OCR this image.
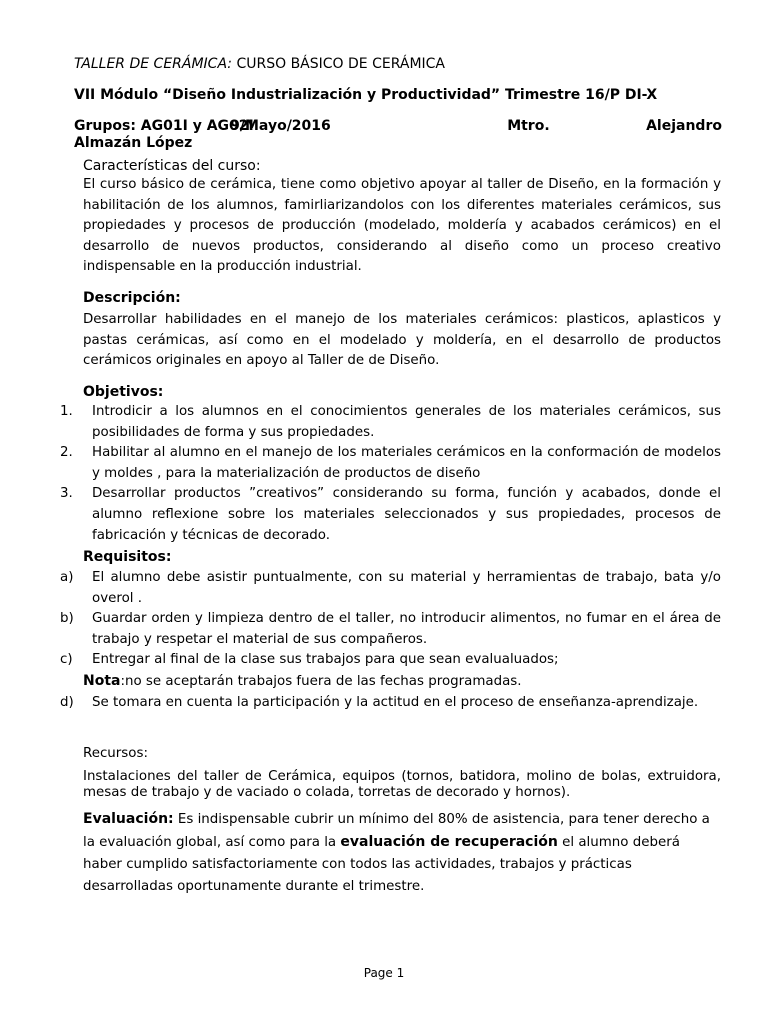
TALLER DE CERÁMICA: CURSO BÁSICO DE CERÁMICA
VII Módulo “Diseño Industrialización y Productividad” Trimestre 16/P DI-X
Grupos: AG01I y AG02I
9/Mayo/2016	Mtro.	Alejandro
Almazán López
Características del curso:
El curso básico de cerámica, tiene como objetivo apoyar al taller de Diseño, en la formación y habilitación de los alumnos, famirliarizandolos con los diferentes materiales cerámicos, sus propiedades y procesos de producción (modelado, moldería y acabados cerámicos) en el desarrollo de nuevos productos, considerando al diseño como un proceso creativo indispensable en la producción industrial.
Descripción:
Desarrollar habilidades en el manejo de los materiales cerámicos: plasticos, aplasticos y pastas cerámicas, así como en el modelado y moldería, en el desarrollo de productos cerámicos originales en apoyo al Taller de de Diseño.
Objetivos:
1.	Introdicir a los alumnos en el conocimientos generales de los materiales cerámicos, sus posibilidades de forma y sus propiedades.
2.	Habilitar al alumno en el manejo de los materiales cerámicos en la conformación de modelos y moldes , para la materialización de productos de diseño
3.	Desarrollar productos ”creativos” considerando su forma, función y acabados, donde el alumno reflexione sobre los materiales seleccionados y sus propiedades, procesos de fabricación y técnicas de decorado.
Requisitos:
a)	El alumno debe asistir puntualmente, con su material y herramientas de trabajo, bata y/o overol .
b)	Guardar orden y limpieza dentro de el taller, no introducir alimentos, no fumar en el área de trabajo y respetar el material de sus compañeros.
c)	Entregar al final de la clase sus trabajos para que sean evalualuados;
Nota:no se aceptarán trabajos fuera de las fechas programadas.
d)	Se tomara en cuenta la participación y la actitud en el proceso de enseñanza-aprendizaje.
Recursos:
Instalaciones del taller de Cerámica, equipos (tornos, batidora, molino de bolas, extruidora, mesas de trabajo y de vaciado o colada, torretas de decorado y hornos).
Evaluación: Es indispensable cubrir un mínimo del 80% de asistencia, para tener derecho a la evaluación global, así como para la evaluación de recuperación el alumno deberá haber cumplido satisfactoriamente con todos las actividades, trabajos y prácticas desarrolladas oportunamente durante el trimestre.
Page 1
